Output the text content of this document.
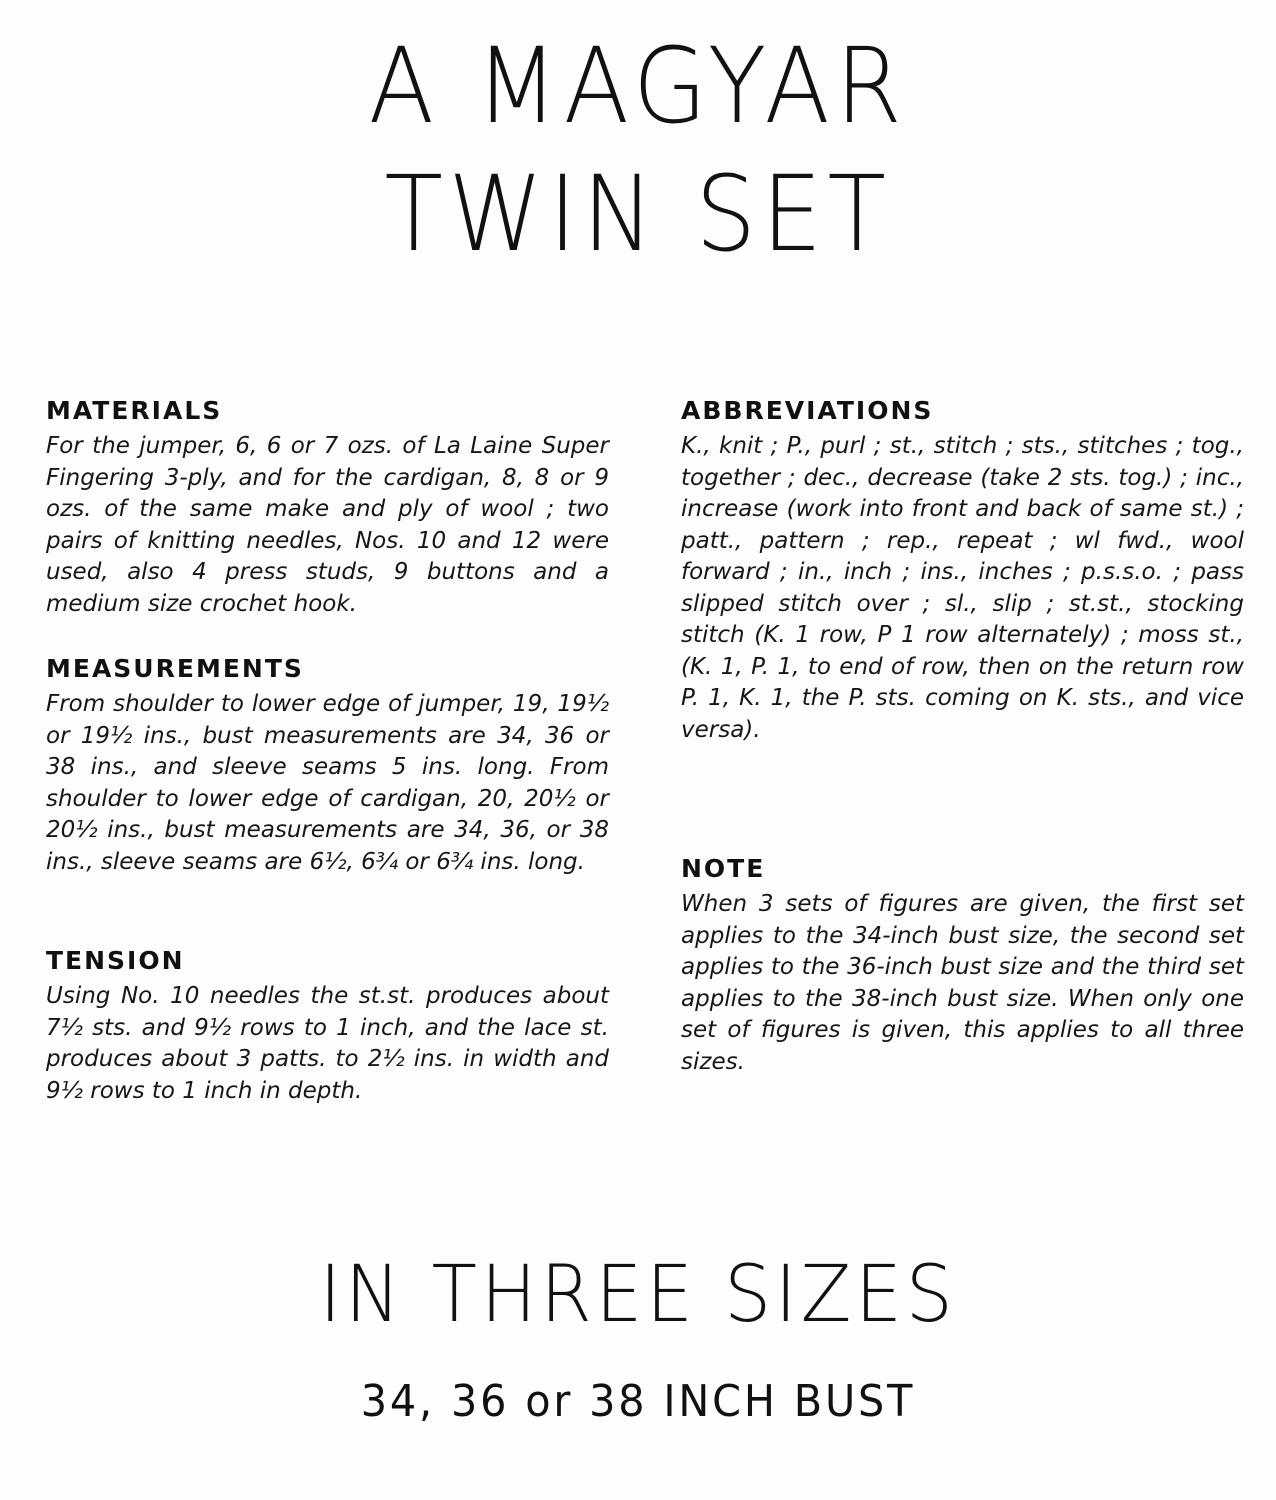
A MAGYAR
TWIN SET
MATERIALS

For the jumper, 6, 6 or 7 ozs. of La Laine Super Fingering 3-ply, and for the cardigan, 8, 8 or 9 ozs. of the same make and ply of wool ; two pairs of knitting needles, Nos. 10 and 12 were used, also 4 press studs, 9 buttons and a medium size crochet hook.

MEASUREMENTS

From shoulder to lower edge of jumper, 19, 19½ or 19½ ins., bust measurements are 34, 36 or 38 ins., and sleeve seams 5 ins. long. From shoulder to lower edge of cardigan, 20, 20½ or 20½ ins., bust measurements are 34, 36, or 38 ins., sleeve seams are 6½, 6¾ or 6¾ ins. long.

TENSION

Using No. 10 needles the st.st. produces about 7½ sts. and 9½ rows to 1 inch, and the lace st. produces about 3 patts. to 2½ ins. in width and 9½ rows to 1 inch in depth.

ABBREVIATIONS

K., knit ; P., purl ; st., stitch ; sts., stitches ; tog., together ; dec., decrease (take 2 sts. tog.) ; inc., increase (work into front and back of same st.) ; patt., pattern ; rep., repeat ; wl fwd., wool forward ; in., inch ; ins., inches ; p.s.s.o. ; pass slipped stitch over ; sl., slip ; st.st., stocking stitch (K. 1 row, P 1 row alternately) ; moss st., (K. 1, P. 1, to end of row, then on the return row P. 1, K. 1, the P. sts. coming on K. sts., and vice versa).

NOTE

When 3 sets of figures are given, the first set applies to the 34-inch bust size, the second set applies to the 36-inch bust size and the third set applies to the 38-inch bust size. When only one set of figures is given, this applies to all three sizes.

IN THREE SIZES
34, 36 or 38 INCH BUST
